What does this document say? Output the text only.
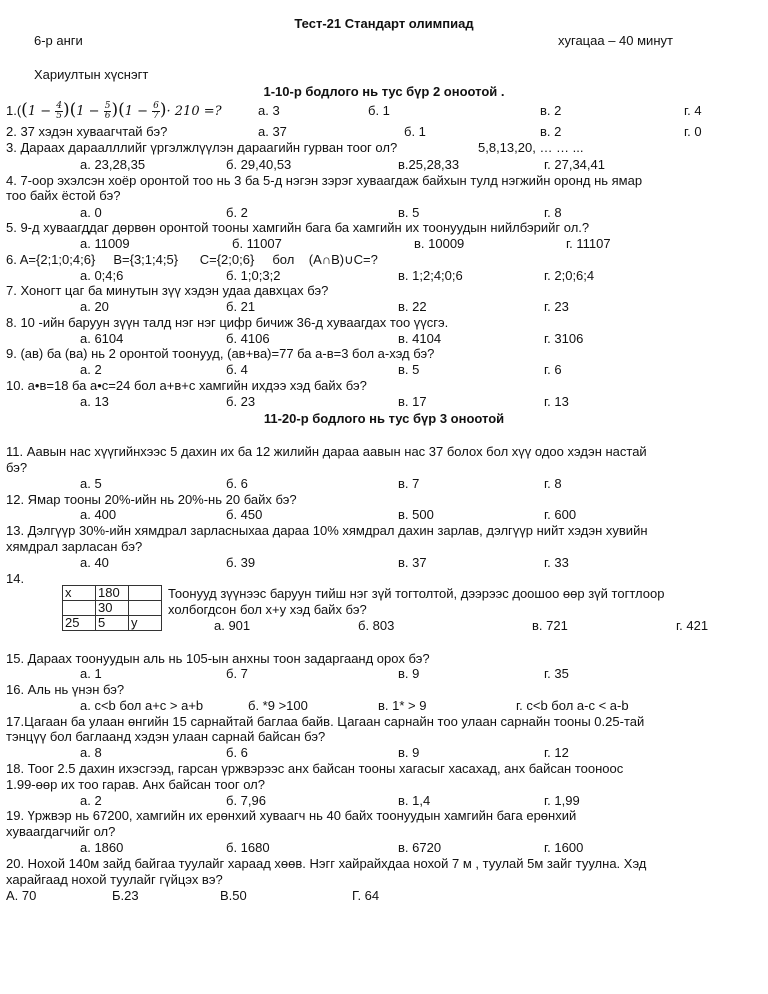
Тест-21 Стандарт олимпиад
6-р анги	хугацаа – 40 минут
Хариултын хүснэгт
1-10-р бодлого нь тус бүр 2 оноотой .
$1.((1 - \frac{4}{5} )(1 - \frac{5}{6} )(1 - \frac{6}{7}$ )· 210 =?	а. 3	б. 1	в. 2	г. 4
2. 37 хэдэн хуваагчтай бэ?	а. 37	б. 1	в. 2	г. 0
3. Дараах дараалллийг үргэлжлүүлэн дараагийн гурван тоог ол?	5,8,13,20, … … ...
а. 23,28,35	б. 29,40,53	в.25,28,33	г. 27,34,41
4. 7-оор эхэлсэн хоёр оронтой тоо нь 3 ба 5-д нэгэн зэрэг хуваагдаж байхын тулд нэгжийн оронд нь ямар
тоо байх ёстой бэ?
а. 0	б. 2	в. 5	г. 8
5. 9-д хуваагддаг дөрвөн оронтой тооны хамгийн бага ба хамгийн их тоонуудын нийлбэрийг ол.?
а. 11009	б. 11007	в. 10009	г. 11107
6. A={2;1;0;4;6}     B={3;1;4;5}      C={2;0;6}     бол    (A∩B)∪C=?
а. 0;4;6	б. 1;0;3;2	в. 1;2;4;0;6	г. 2;0;6;4
7. Хоногт цаг ба минутын зүү хэдэн удаа давхцах бэ?
а. 20	б. 21	в. 22	г. 23
8. 10 -ийн баруун зүүн талд нэг нэг цифр бичиж 36-д хуваагдах тоо үүсгэ.
а. 6104	б. 4106	в. 4104	г. 3106
9. (ав) ба (ва) нь 2 оронтой тоонууд, (ав+ва)=77 ба а-в=3 бол а-хэд бэ?
а. 2	б. 4	в. 5	г. 6
10. а•в=18 ба а•с=24 бол а+в+с хамгийн ихдээ хэд байх бэ?
а. 13	б. 23	в. 17	г. 13
11-20-р бодлого нь тус бүр 3 оноотой
11. Аавын нас хүүгийнхээс 5 дахин их ба 12 жилийн дараа аавын нас 37 болох бол хүү одоо хэдэн настай
бэ?
а. 5	б. 6	в. 7	г. 8
12. Ямар тооны 20%-ийн нь 20%-нь 20 байх бэ?
а. 400	б. 450	в. 500	г. 600
13. Дэлгүүр 30%-ийн хямдрал зарласныхаа дараа 10% хямдрал дахин зарлав, дэлгүүр нийт хэдэн хувийн
хямдрал зарласан бэ?
а. 40	б. 39	в. 37	г. 33
14.
x	180	
	30	
25	5	y
Тоонууд зүүнээс баруун тийш нэг зүй тогтолтой, дээрээс доошоо өөр зүй тогтлоор
холбогдсон бол x+y хэд байх бэ?
а. 901	б. 803	в. 721	г. 421
15. Дараах тоонуудын аль нь 105-ын анхны тоон задаргаанд орох бэ?
а. 1	б. 7	в. 9	г. 35
16. Аль нь үнэн бэ?
а. c<b бол a+c > a+b	б. *9 >100	в. 1* > 9	г. c<b бол a-c < a-b
17.Цагаан ба улаан өнгийн 15 сарнайтай баглаа байв. Цагаан сарнайн тоо улаан сарнайн тооны 0.25-тай
тэнцүү бол баглаанд хэдэн улаан сарнай байсан бэ?
а. 8	б. 6	в. 9	г. 12
18. Тоог 2.5 дахин ихэсгээд, гарсан үржвэрээс анх байсан тооны хагасыг хасахад, анх байсан тооноос
1.99-өөр их тоо гарав. Анх байсан тоог ол?
а. 2	б. 7,96	в. 1,4	г. 1,99
19. Үржвэр нь 67200, хамгийн их ерөнхий хуваагч нь 40 байх тоонуудын хамгийн бага ерөнхий
хуваагдагчийг ол?
а. 1860	б. 1680	в. 6720	г. 1600
20. Нохой 140м зайд байгаа туулайг хараад хөөв. Нэгг хайрайхдаа нохой 7 м , туулай 5м зайг туулна. Хэд
харайгаад нохой туулайг гүйцэх вэ?
А. 70	Б.23	В.50	Г. 64
